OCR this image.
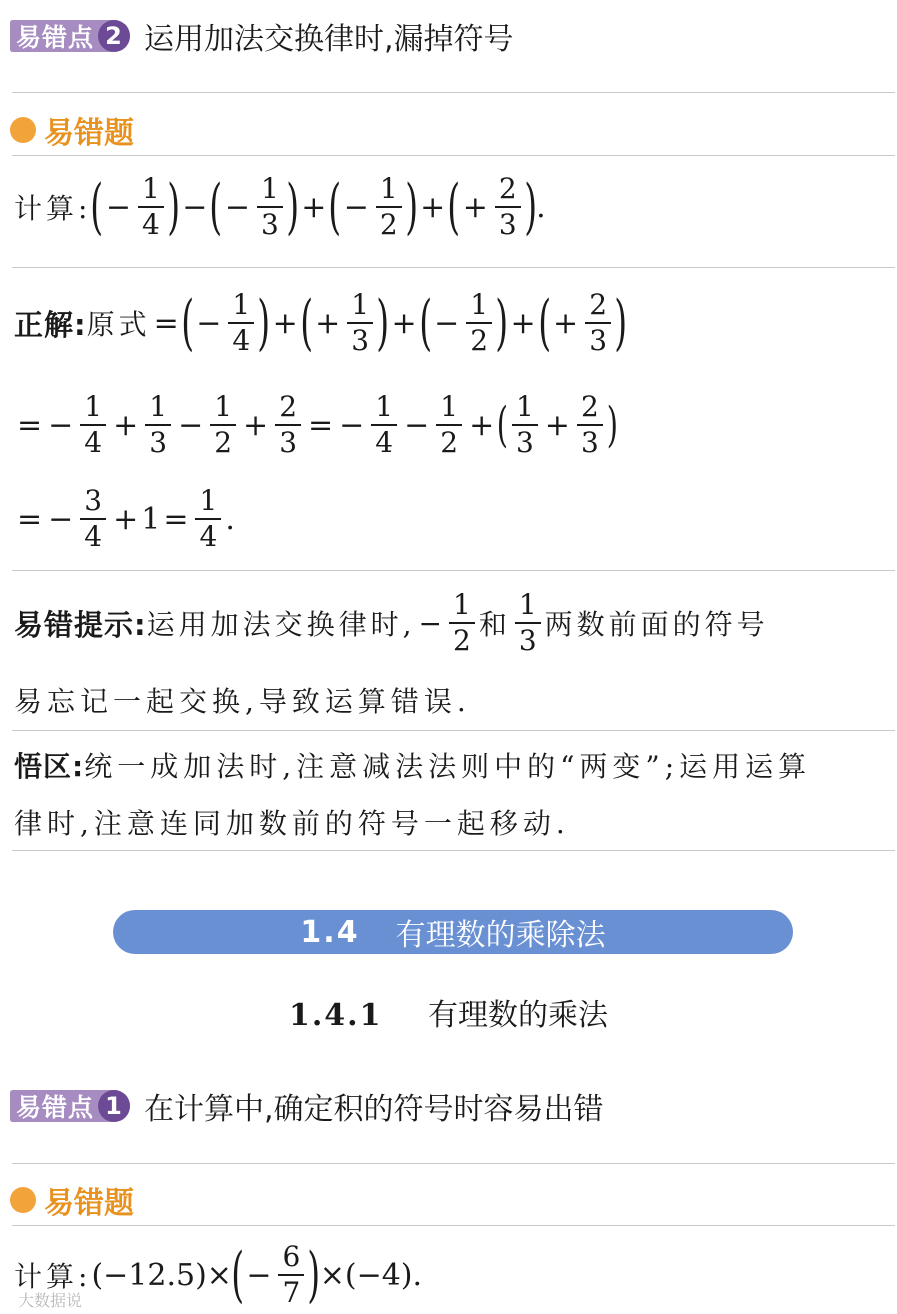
易错点 2 运用加法交换律时,漏掉符号
易错题
计算: ( − $\frac{1}{4}$ ) − ( − $\frac{1}{3}$ ) + ( − $\frac{1}{2}$ ) + ( + $\frac{2}{3}$ ) .
正解: 原式 = ( − $\frac{1}{4}$ ) + ( + $\frac{1}{3}$ ) + ( − $\frac{1}{2}$ ) + ( + $\frac{2}{3}$ )
= − $\frac{1}{4} + \frac{1}{3} - \frac{1}{2} + \frac{2}{3}$ = − $\frac{1}{4} - \frac{1}{2}$ + ( $\frac{1}{3} + \frac{2}{3}$ )
= − $\frac{3}{4} + 1 = \frac{1}{4}$ .
易错提示: 运用加法交换律时, − $\frac{1}{2}$ 和 $\frac{1}{3}$ 两数前面的符号
易忘记一起交换,导致运算错误.
悟区:统一成加法时,注意减法法则中的“两变”;运用运算
律时,注意连同加数前的符号一起移动.
1.4 有理数的乘除法
1.4.1 有理数的乘法
易错点 1 在计算中,确定积的符号时容易出错
易错题
计算: (−12.5)× ( − $\frac{6}{7}$ ) ×(−4).
大数据说
